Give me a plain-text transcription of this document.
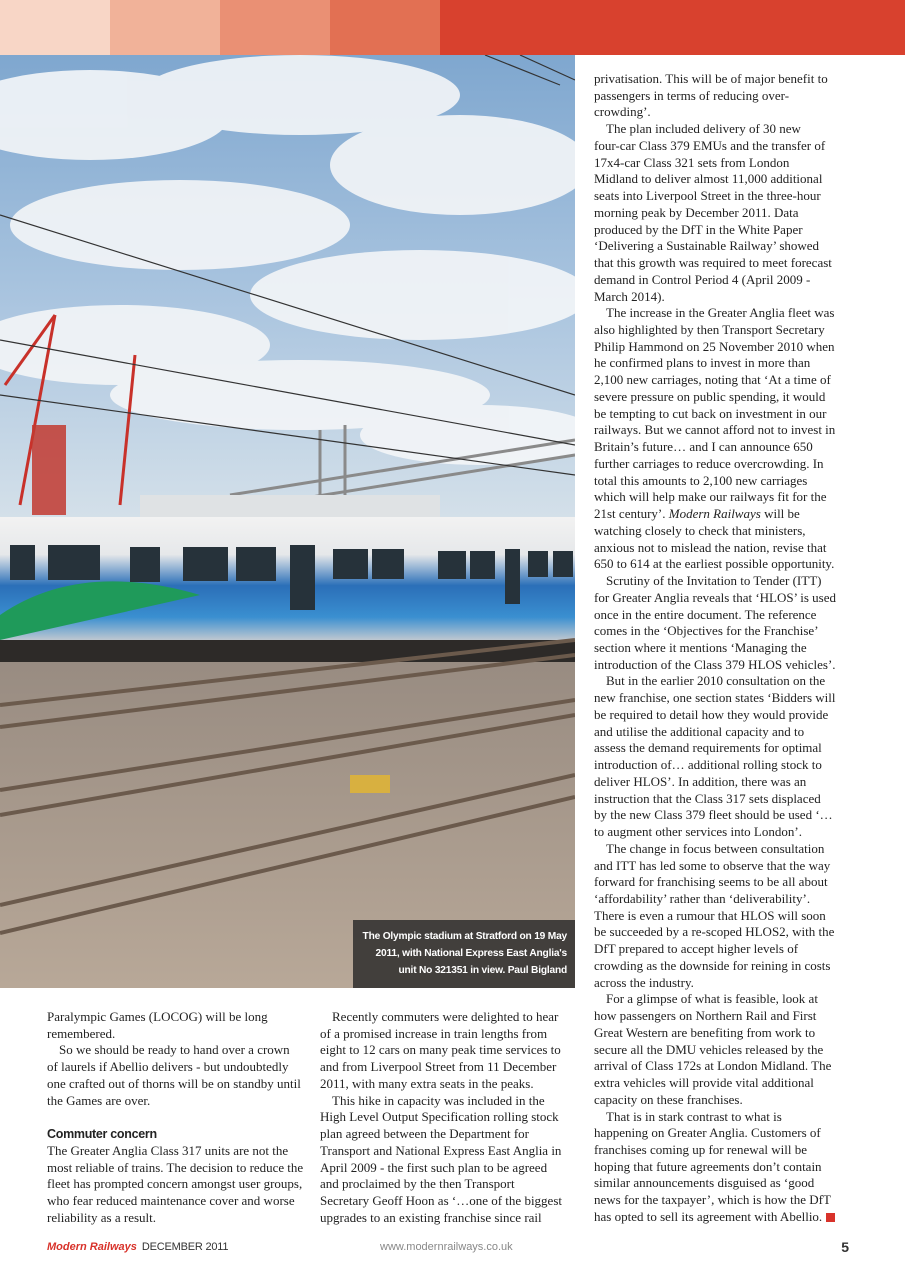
The Olympic stadium at Stratford on 19 May
2011, with National Express East Anglia's
unit No 321351 in view. Paul Bigland
Paralympic Games (LOCOG) will be long
remembered.
So we should be ready to hand over a crown
of laurels if Abellio delivers - but undoubtedly
one crafted out of thorns will be on standby until
the Games are over.
Commuter concern
The Greater Anglia Class 317 units are not the
most reliable of trains. The decision to reduce the
fleet has prompted concern amongst user groups,
who fear reduced maintenance cover and worse
reliability as a result.
Recently commuters were delighted to hear
of a promised increase in train lengths from
eight to 12 cars on many peak time services to
and from Liverpool Street from 11 December
2011, with many extra seats in the peaks.
This hike in capacity was included in the
High Level Output Specification rolling stock
plan agreed between the Department for
Transport and National Express East Anglia in
April 2009 - the first such plan to be agreed
and proclaimed by the then Transport
Secretary Geoff Hoon as ‘…one of the biggest
upgrades to an existing franchise since rail
privatisation. This will be of major benefit to
passengers in terms of reducing over-
crowding’.
The plan included delivery of 30 new
four-car Class 379 EMUs and the transfer of
17x4-car Class 321 sets from London
Midland to deliver almost 11,000 additional
seats into Liverpool Street in the three-hour
morning peak by December 2011. Data
produced by the DfT in the White Paper
‘Delivering a Sustainable Railway’ showed
that this growth was required to meet forecast
demand in Control Period 4 (April 2009 -
March 2014).
The increase in the Greater Anglia fleet was
also highlighted by then Transport Secretary
Philip Hammond on 25 November 2010 when
he confirmed plans to invest in more than
2,100 new carriages, noting that ‘At a time of
severe pressure on public spending, it would
be tempting to cut back on investment in our
railways. But we cannot afford not to invest in
Britain’s future… and I can announce 650
further carriages to reduce overcrowding. In
total this amounts to 2,100 new carriages
which will help make our railways fit for the
21st century’. Modern Railways will be
watching closely to check that ministers,
anxious not to mislead the nation, revise that
650 to 614 at the earliest possible opportunity.
Scrutiny of the Invitation to Tender (ITT)
for Greater Anglia reveals that ‘HLOS’ is used
once in the entire document. The reference
comes in the ‘Objectives for the Franchise’
section where it mentions ‘Managing the
introduction of the Class 379 HLOS vehicles’.
But in the earlier 2010 consultation on the
new franchise, one section states ‘Bidders will
be required to detail how they would provide
and utilise the additional capacity and to
assess the demand requirements for optimal
introduction of… additional rolling stock to
deliver HLOS’. In addition, there was an
instruction that the Class 317 sets displaced
by the new Class 379 fleet should be used ‘…
to augment other services into London’.
The change in focus between consultation
and ITT has led some to observe that the way
forward for franchising seems to be all about
‘affordability’ rather than ‘deliverability’.
There is even a rumour that HLOS will soon
be succeeded by a re-scoped HLOS2, with the
DfT prepared to accept higher levels of
crowding as the downside for reining in costs
across the industry.
For a glimpse of what is feasible, look at
how passengers on Northern Rail and First
Great Western are benefiting from work to
secure all the DMU vehicles released by the
arrival of Class 172s at London Midland. The
extra vehicles will provide vital additional
capacity on these franchises.
That is in stark contrast to what is
happening on Greater Anglia. Customers of
franchises coming up for renewal will be
hoping that future agreements don’t contain
similar announcements disguised as ‘good
news for the taxpayer’, which is how the DfT
has opted to sell its agreement with Abellio.
Modern Railways DECEMBER 2011	www.modernrailways.co.uk	5
